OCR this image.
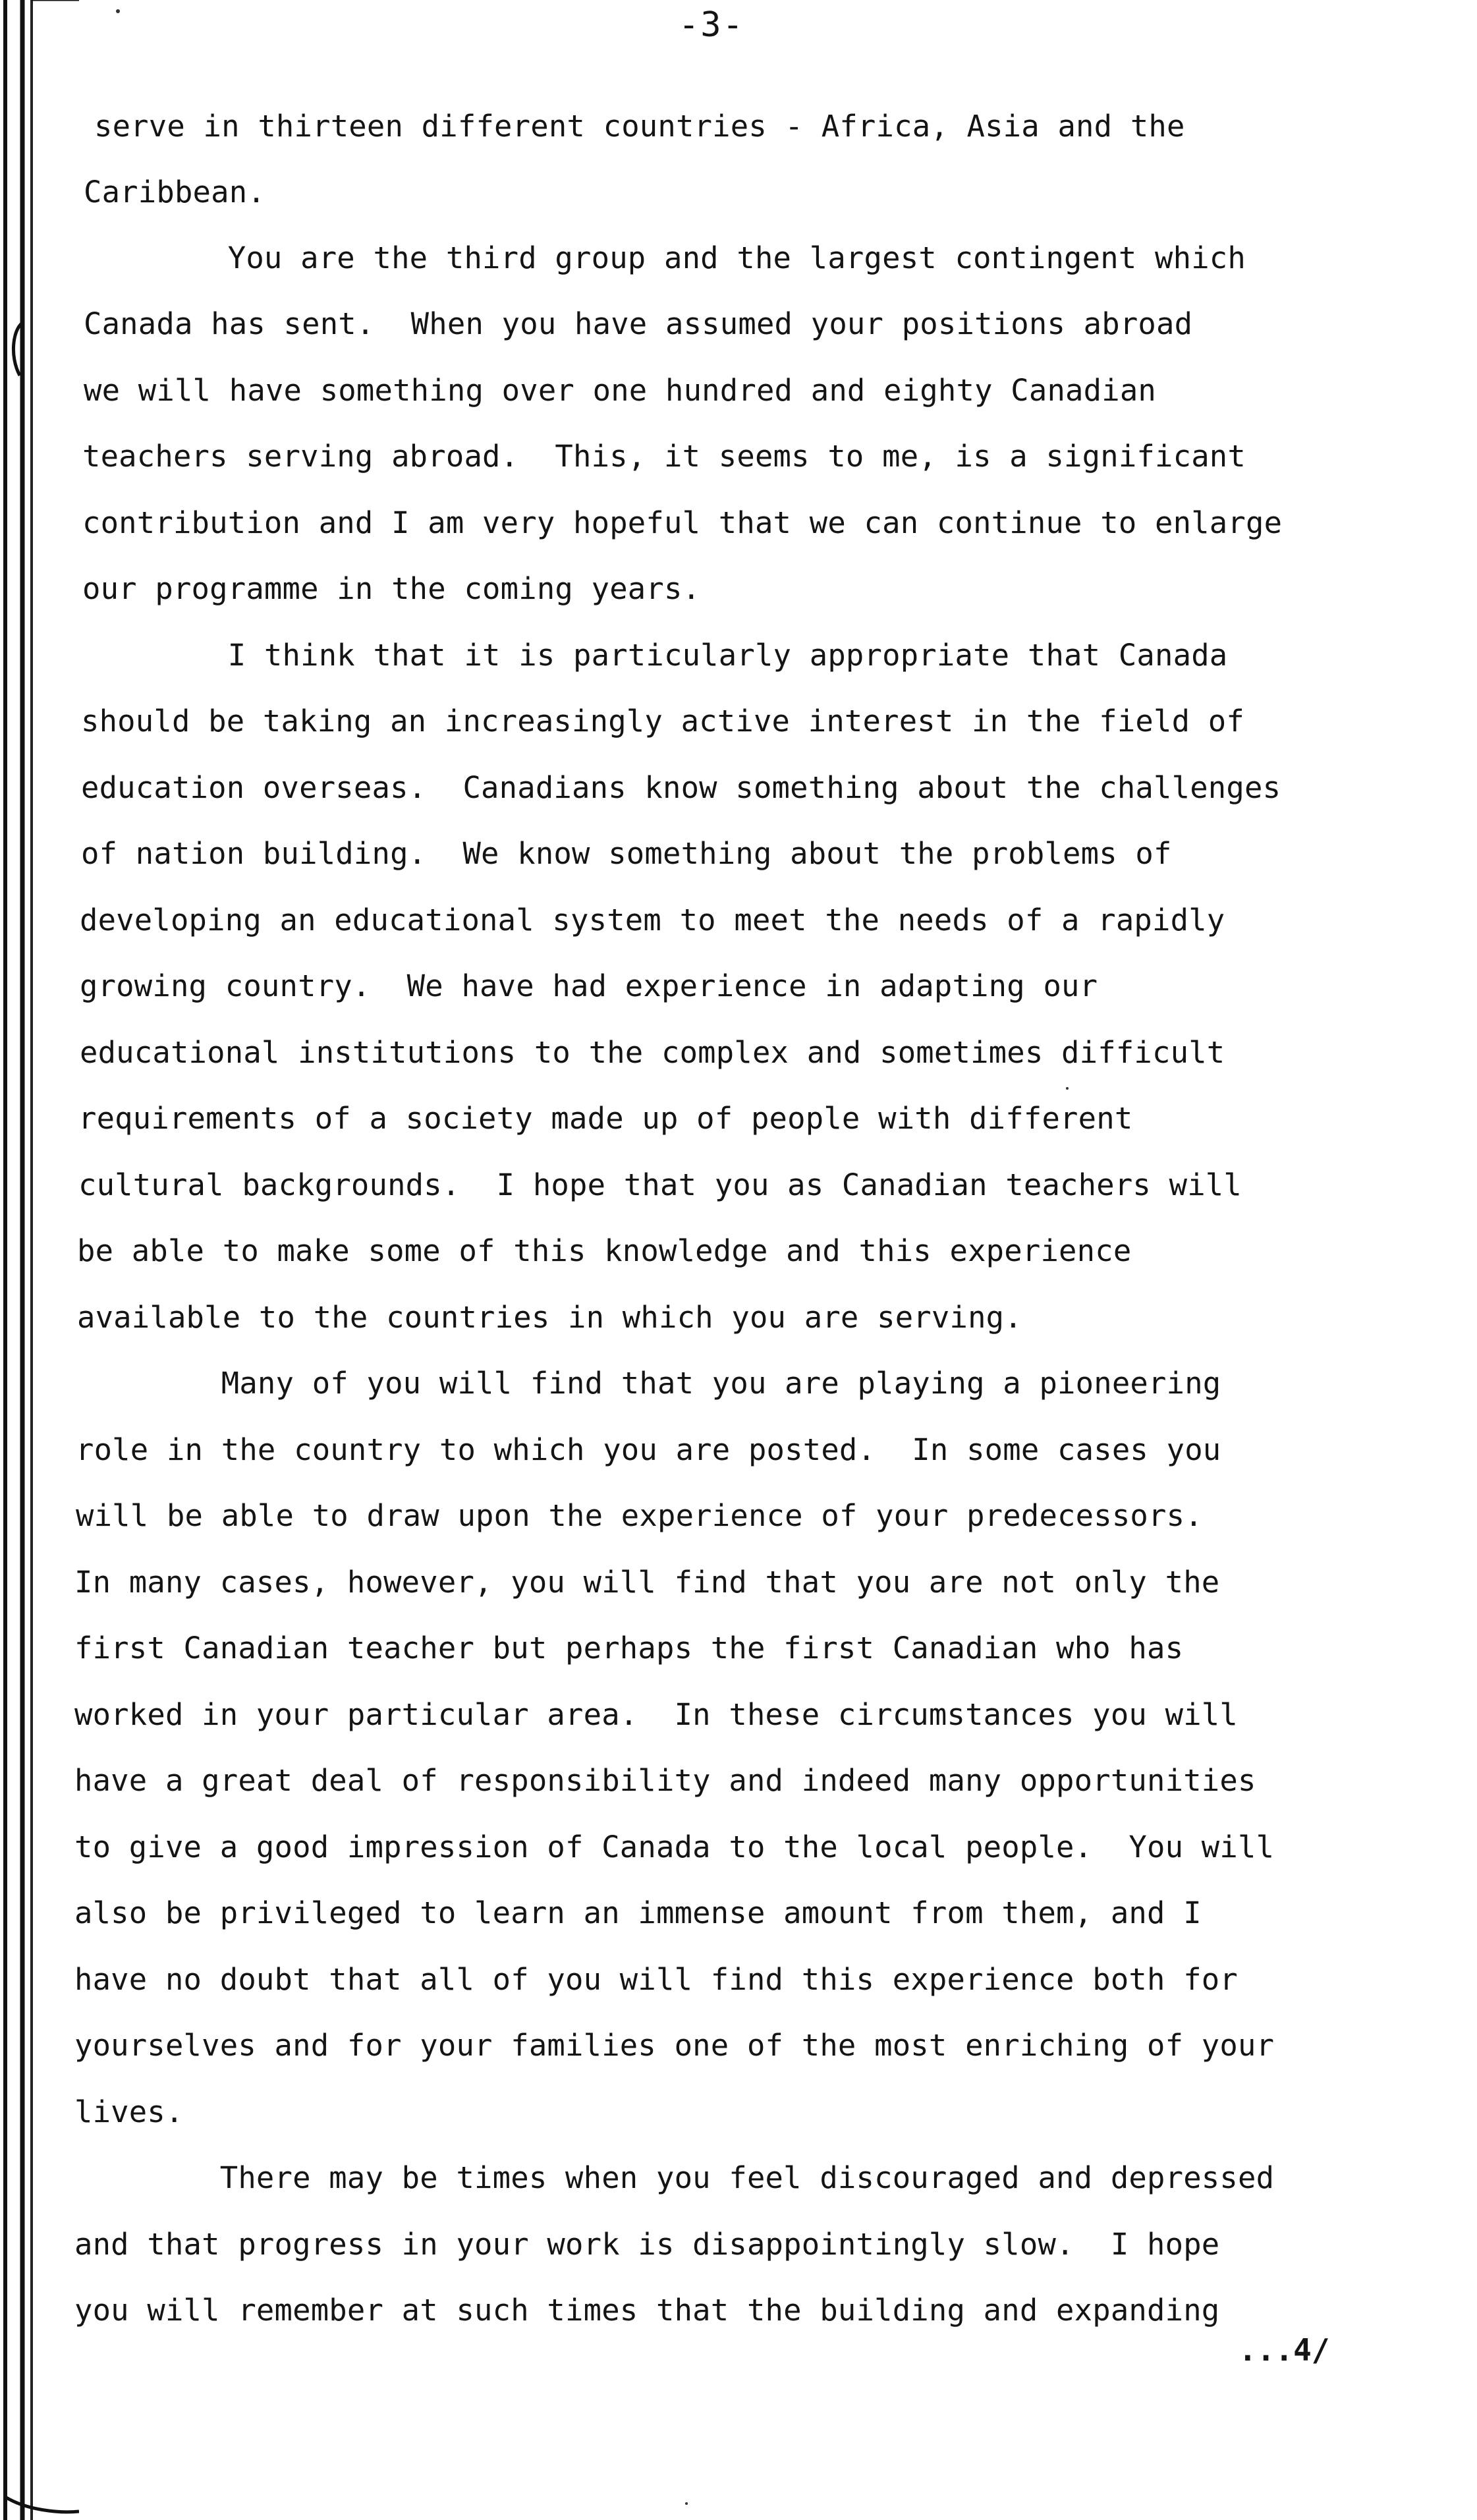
-3-
serve in thirteen different countries - Africa, Asia and the
Caribbean.
You are the third group and the largest contingent which
Canada has sent.  When you have assumed your positions abroad
we will have something over one hundred and eighty Canadian
teachers serving abroad.  This, it seems to me, is a significant
contribution and I am very hopeful that we can continue to enlarge
our programme in the coming years.
I think that it is particularly appropriate that Canada
should be taking an increasingly active interest in the field of
education overseas.  Canadians know something about the challenges
of nation building.  We know something about the problems of
developing an educational system to meet the needs of a rapidly
growing country.  We have had experience in adapting our
educational institutions to the complex and sometimes difficult
requirements of a society made up of people with different
cultural backgrounds.  I hope that you as Canadian teachers will
be able to make some of this knowledge and this experience
available to the countries in which you are serving.
Many of you will find that you are playing a pioneering
role in the country to which you are posted.  In some cases you
will be able to draw upon the experience of your predecessors.
In many cases, however, you will find that you are not only the
first Canadian teacher but perhaps the first Canadian who has
worked in your particular area.  In these circumstances you will
have a great deal of responsibility and indeed many opportunities
to give a good impression of Canada to the local people.  You will
also be privileged to learn an immense amount from them, and I
have no doubt that all of you will find this experience both for
yourselves and for your families one of the most enriching of your
lives.
There may be times when you feel discouraged and depressed
and that progress in your work is disappointingly slow.  I hope
you will remember at such times that the building and expanding
...4/
